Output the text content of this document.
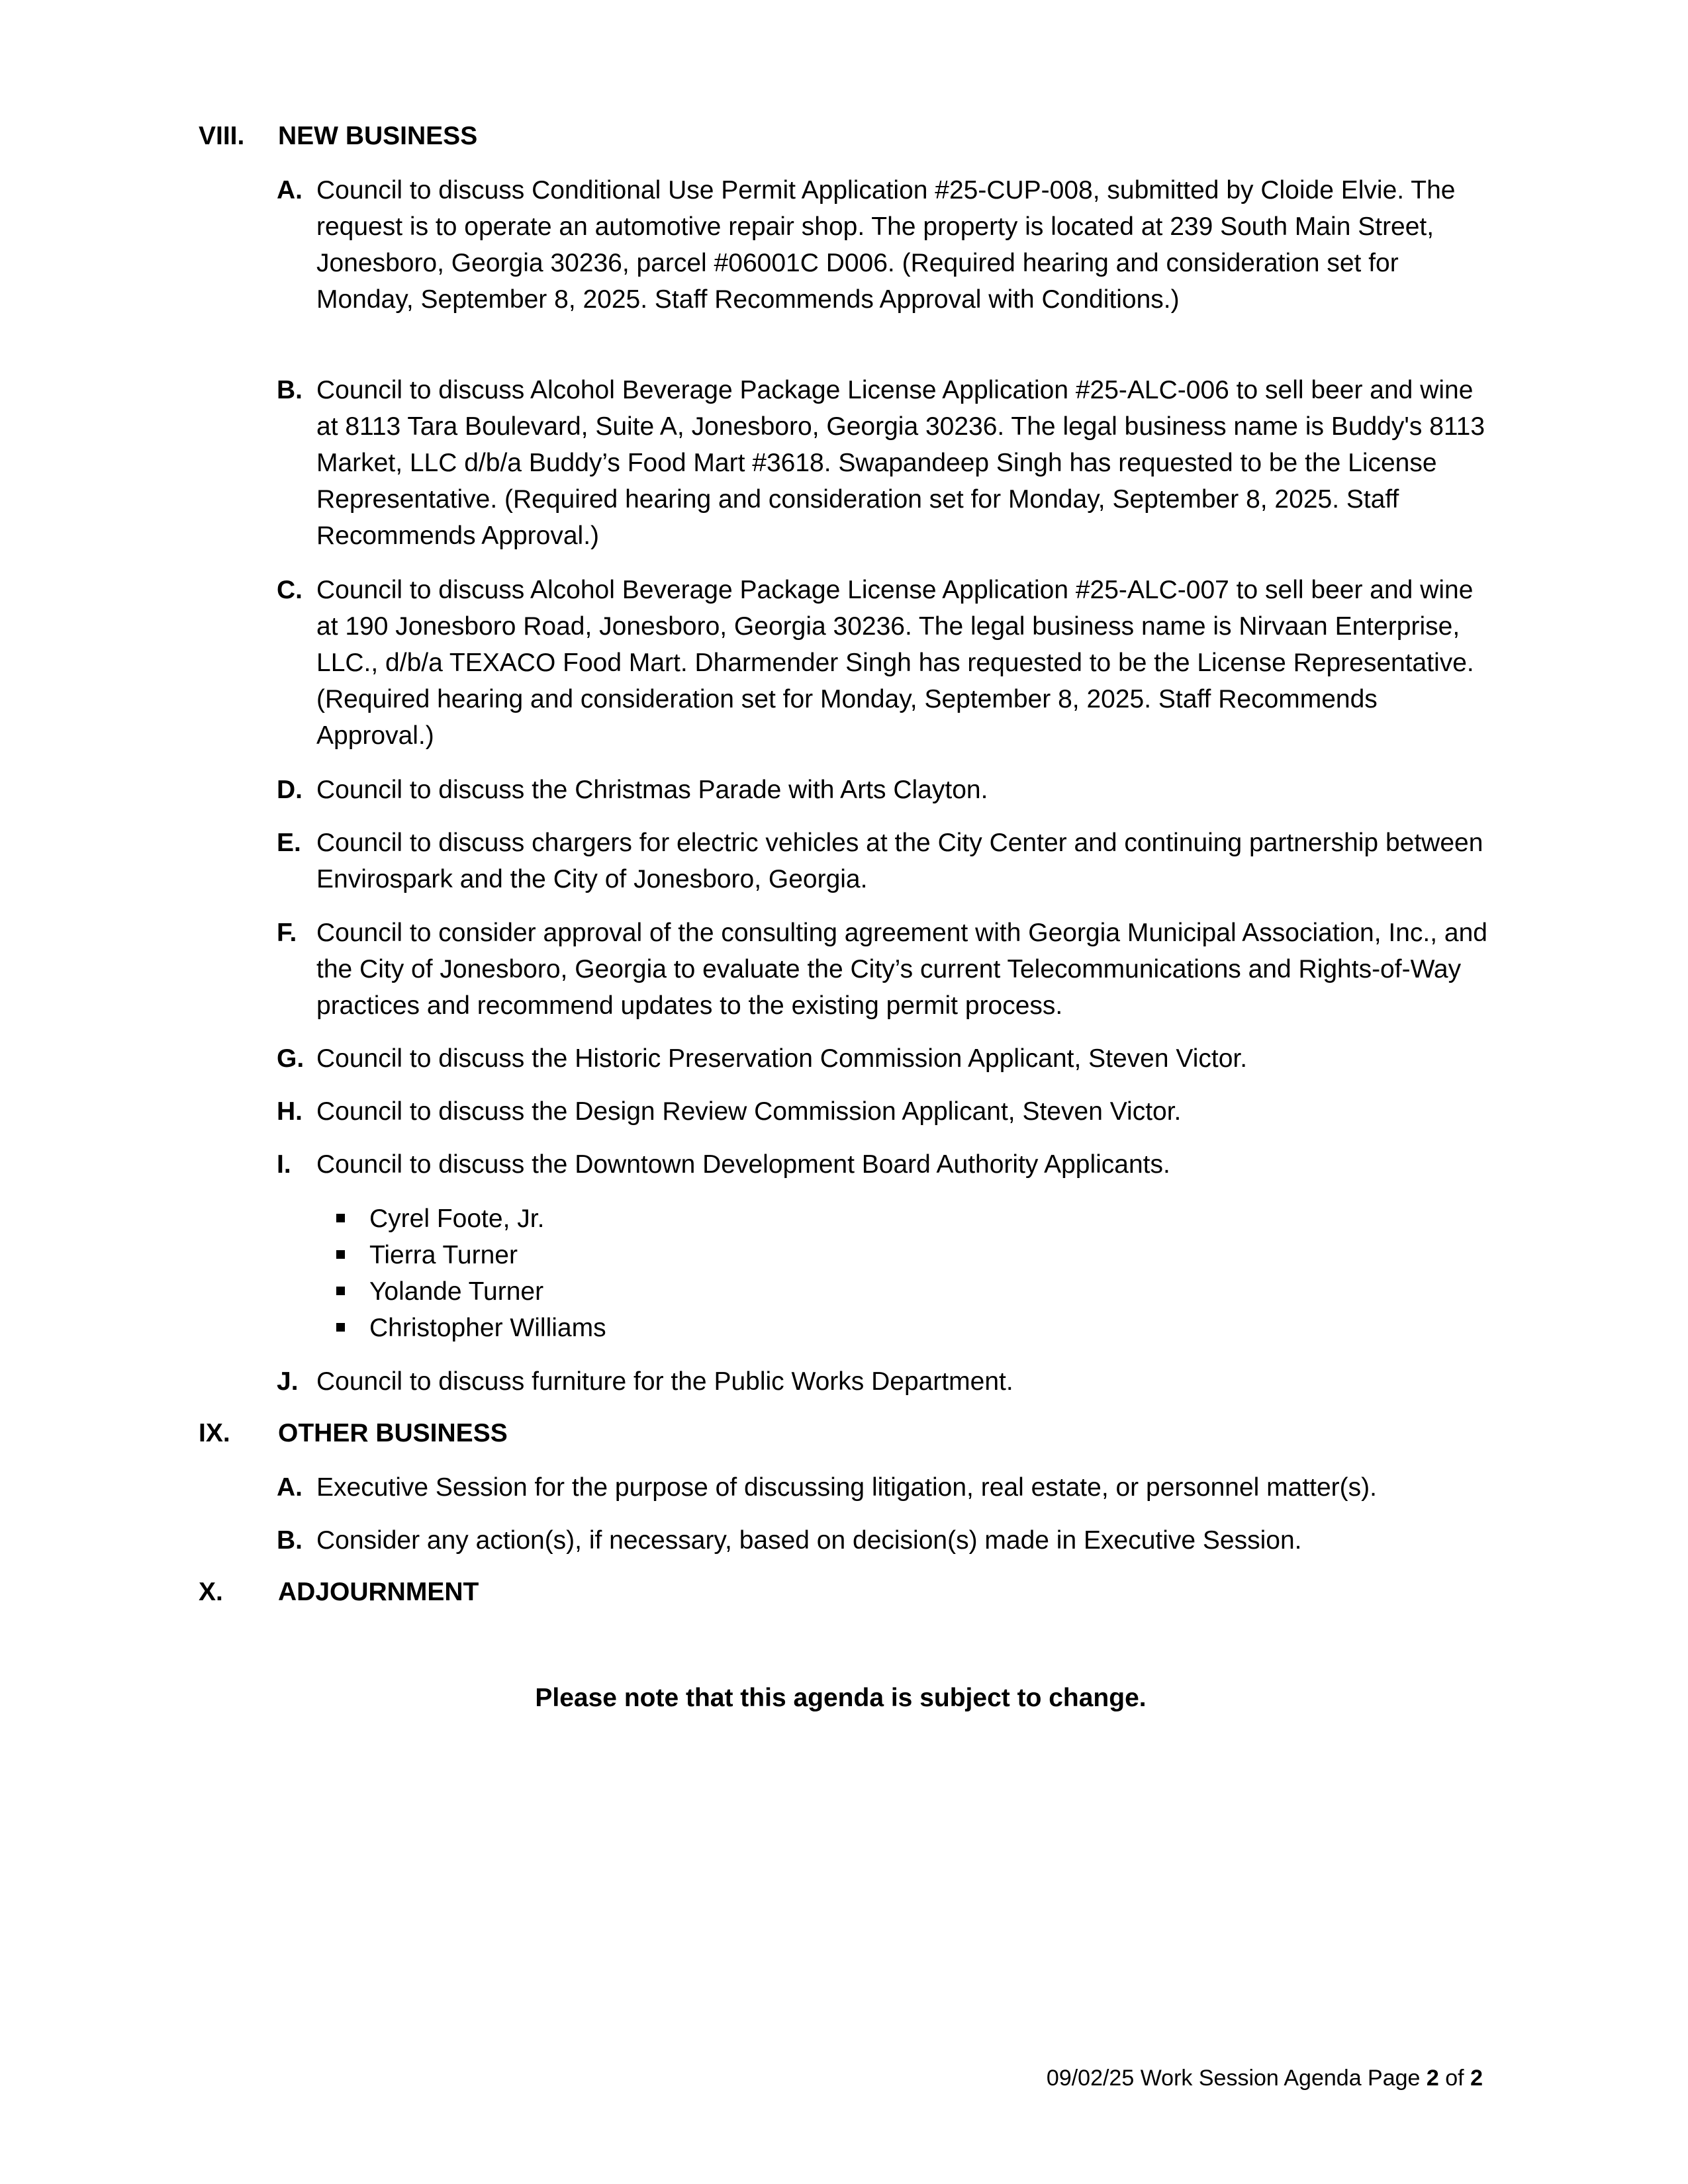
VIII. NEW BUSINESS
A. Council to discuss Conditional Use Permit Application #25-CUP-008, submitted by Cloide Elvie. The request is to operate an automotive repair shop. The property is located at 239 South Main Street, Jonesboro, Georgia 30236, parcel #06001C D006. (Required hearing and consideration set for Monday, September 8, 2025. Staff Recommends Approval with Conditions.)
B. Council to discuss Alcohol Beverage Package License Application #25-ALC-006 to sell beer and wine at 8113 Tara Boulevard, Suite A, Jonesboro, Georgia 30236. The legal business name is Buddy's 8113 Market, LLC d/b/a Buddy’s Food Mart #3618. Swapandeep Singh has requested to be the License Representative. (Required hearing and consideration set for Monday, September 8, 2025. Staff Recommends Approval.)
C. Council to discuss Alcohol Beverage Package License Application #25-ALC-007 to sell beer and wine at 190 Jonesboro Road, Jonesboro, Georgia 30236. The legal business name is Nirvaan Enterprise, LLC., d/b/a TEXACO Food Mart. Dharmender Singh has requested to be the License Representative. (Required hearing and consideration set for Monday, September 8, 2025. Staff Recommends Approval.)
D. Council to discuss the Christmas Parade with Arts Clayton.
E. Council to discuss chargers for electric vehicles at the City Center and continuing partnership between Envirospark and the City of Jonesboro, Georgia.
F. Council to consider approval of the consulting agreement with Georgia Municipal Association, Inc., and the City of Jonesboro, Georgia to evaluate the City’s current Telecommunications and Rights-of-Way practices and recommend updates to the existing permit process.
G. Council to discuss the Historic Preservation Commission Applicant, Steven Victor.
H. Council to discuss the Design Review Commission Applicant, Steven Victor.
I. Council to discuss the Downtown Development Board Authority Applicants.
Cyrel Foote, Jr.
Tierra Turner
Yolande Turner
Christopher Williams
J. Council to discuss furniture for the Public Works Department.
IX. OTHER BUSINESS
A. Executive Session for the purpose of discussing litigation, real estate, or personnel matter(s).
B. Consider any action(s), if necessary, based on decision(s) made in Executive Session.
X. ADJOURNMENT
Please note that this agenda is subject to change.
09/02/25 Work Session Agenda Page 2 of 2
